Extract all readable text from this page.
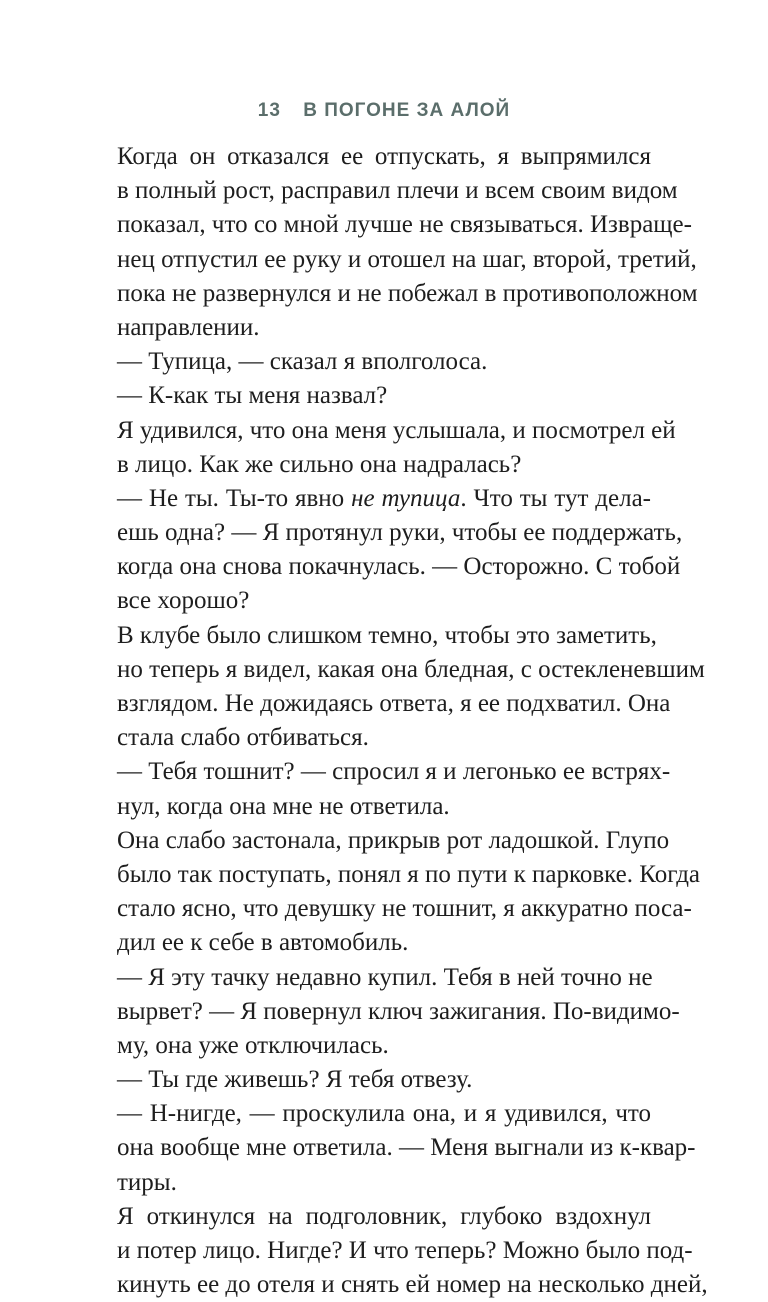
13 В ПОГОНЕ ЗА АЛОЙ
Когда он отказался ее отпускать, я выпрямился
в полный рост, расправил плечи и всем своим видом
показал, что со мной лучше не связываться. Извраще-
нец отпустил ее руку и отошел на шаг, второй, третий,
пока не развернулся и не побежал в противоположном
направлении.
— Тупица, — сказал я вполголоса.
— К-как ты меня назвал?
Я удивился, что она меня услышала, и посмотрел ей
в лицо. Как же сильно она надралась?
— Не ты. Ты-то явно не тупица. Что ты тут дела-
ешь одна? — Я протянул руки, чтобы ее поддержать,
когда она снова покачнулась. — Осторожно. С тобой
все хорошо?
В клубе было слишком темно, чтобы это заметить,
но теперь я видел, какая она бледная, с остекленевшим
взглядом. Не дожидаясь ответа, я ее подхватил. Она
стала слабо отбиваться.
— Тебя тошнит? — спросил я и легонько ее встрях-
нул, когда она мне не ответила.
Она слабо застонала, прикрыв рот ладошкой. Глупо
было так поступать, понял я по пути к парковке. Когда
стало ясно, что девушку не тошнит, я аккуратно поса-
дил ее к себе в автомобиль.
— Я эту тачку недавно купил. Тебя в ней точно не
вырвет? — Я повернул ключ зажигания. По-видимо-
му, она уже отключилась.
— Ты где живешь? Я тебя отвезу.
— Н-нигде, — проскулила она, и я удивился, что
она вообще мне ответила. — Меня выгнали из к-квар-
тиры.
Я откинулся на подголовник, глубоко вздохнул
и потер лицо. Нигде? И что теперь? Можно было под-
кинуть ее до отеля и снять ей номер на несколько дней,
